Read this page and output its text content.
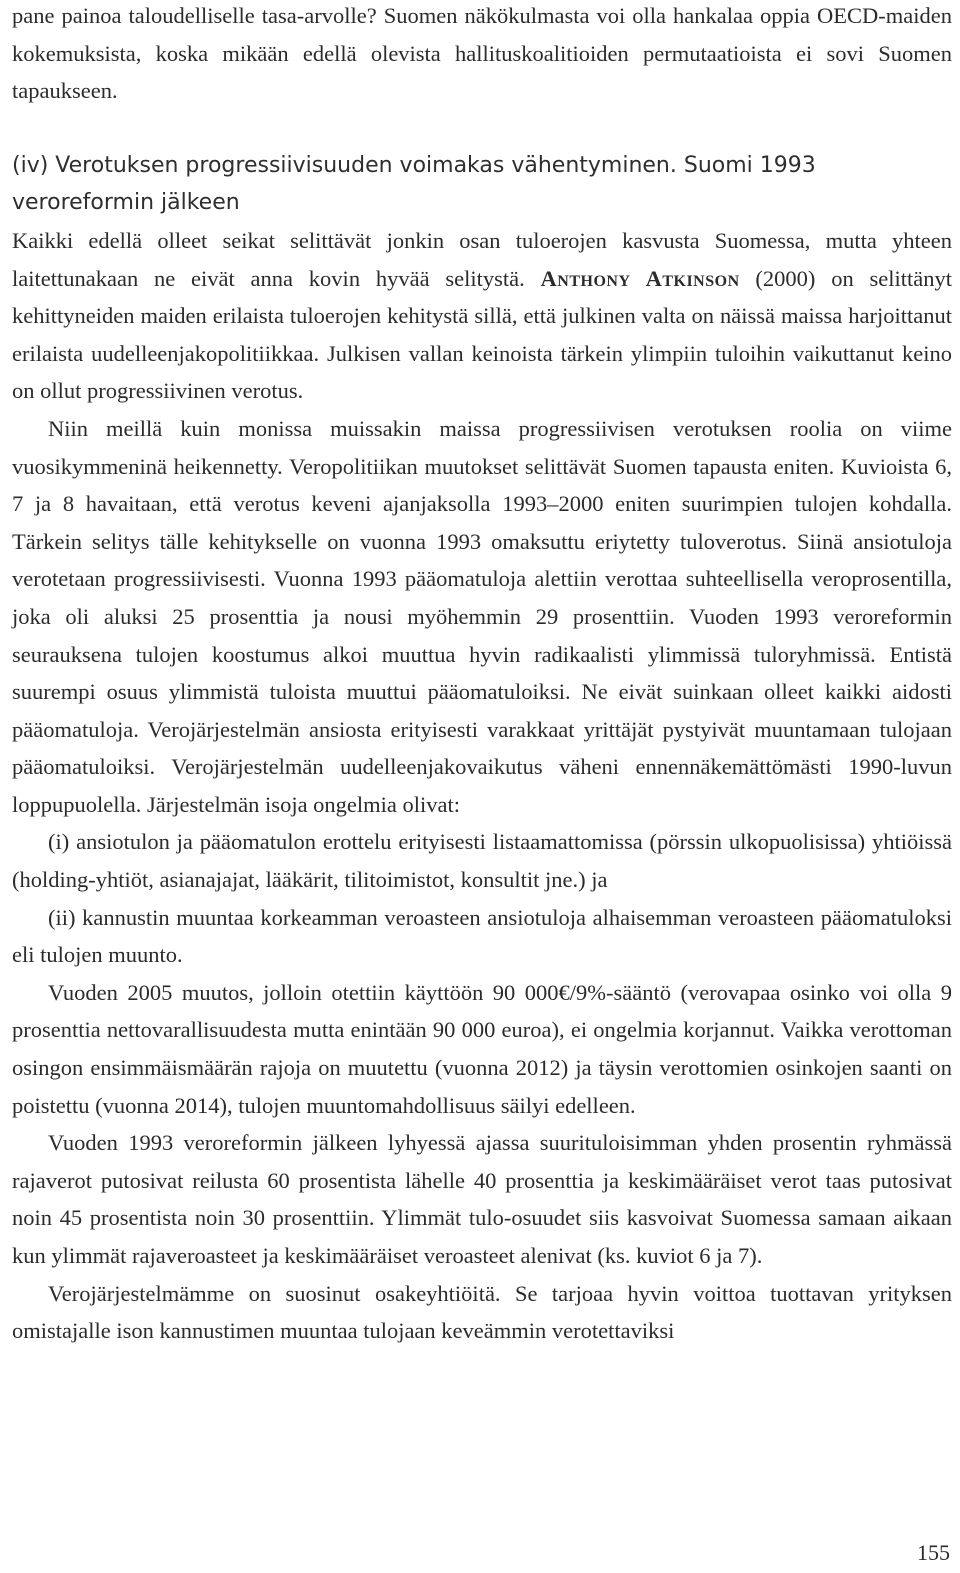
pane painoa taloudelliselle tasa-arvolle? Suomen näkökulmasta voi olla hankalaa oppia OECD-maiden kokemuksista, koska mikään edellä olevista hallituskoalitioiden permutaatioista ei sovi Suomen tapaukseen.

(iv) Verotuksen progressiivisuuden voimakas vähentyminen. Suomi 1993 veroreformin jälkeen

Kaikki edellä olleet seikat selittävät jonkin osan tuloerojen kasvusta Suomessa, mutta yhteen laitettunakaan ne eivät anna kovin hyvää selitystä. Anthony Atkinson (2000) on selittänyt kehittyneiden maiden erilaista tuloerojen kehitystä sillä, että julkinen valta on näissä maissa harjoittanut erilaista uudelleenjakopolitiikkaa. Julkisen vallan keinoista tärkein ylimpiin tuloihin vaikuttanut keino on ollut progressiivinen verotus.

Niin meillä kuin monissa muissakin maissa progressiivisen verotuksen roolia on viime vuosikymmeninä heikennetty. Veropolitiikan muutokset selittävät Suomen tapausta eniten. Kuvioista 6, 7 ja 8 havaitaan, että verotus keveni ajanjaksolla 1993–2000 eniten suurimpien tulojen kohdalla. Tärkein selitys tälle kehitykselle on vuonna 1993 omaksuttu eriytetty tuloverotus. Siinä ansiotuloja verotetaan progressiivisesti. Vuonna 1993 pääomatuloja alettiin verottaa suhteellisella veroprosentilla, joka oli aluksi 25 prosenttia ja nousi myöhemmin 29 prosenttiin. Vuoden 1993 veroreformin seurauksena tulojen koostumus alkoi muuttua hyvin radikaalisti ylimmissä tuloryhmissä. Entistä suurempi osuus ylimmistä tuloista muuttui pääomatuloiksi. Ne eivät suinkaan olleet kaikki aidosti pääomatuloja. Verojärjestelmän ansiosta erityisesti varakkaat yrittäjät pystyivät muuntamaan tulojaan pääomatuloiksi. Verojärjestelmän uudelleenjakovaikutus väheni ennennäkemättömästi 1990-luvun loppupuolella. Järjestelmän isoja ongelmia olivat:

(i) ansiotulon ja pääomatulon erottelu erityisesti listaamattomissa (pörssin ulkopuolisissa) yhtiöissä (holding-yhtiöt, asianajajat, lääkärit, tilitoimistot, konsultit jne.) ja

(ii) kannustin muuntaa korkeamman veroasteen ansiotuloja alhaisemman veroasteen pääomatuloksi eli tulojen muunto.

Vuoden 2005 muutos, jolloin otettiin käyttöön 90 000€/9%-sääntö (verovapaa osinko voi olla 9 prosenttia nettovarallisuudesta mutta enintään 90 000 euroa), ei ongelmia korjannut. Vaikka verottoman osingon ensimmäismäärän rajoja on muutettu (vuonna 2012) ja täysin verottomien osinkojen saanti on poistettu (vuonna 2014), tulojen muuntomahdollisuus säilyi edelleen.

Vuoden 1993 veroreformin jälkeen lyhyessä ajassa suurituloisimman yhden prosentin ryhmässä rajaverot putosivat reilusta 60 prosentista lähelle 40 prosenttia ja keskimääräiset verot taas putosivat noin 45 prosentista noin 30 prosenttiin. Ylimmät tulo-osuudet siis kasvoivat Suomessa samaan aikaan kun ylimmät rajaveroasteet ja keskimääräiset veroasteet alenivat (ks. kuviot 6 ja 7).

Verojärjestelmämme on suosinut osakeyhtiöitä. Se tarjoaa hyvin voittoa tuottavan yrityksen omistajalle ison kannustimen muuntaa tulojaan keveämmin verotettaviksi

155
